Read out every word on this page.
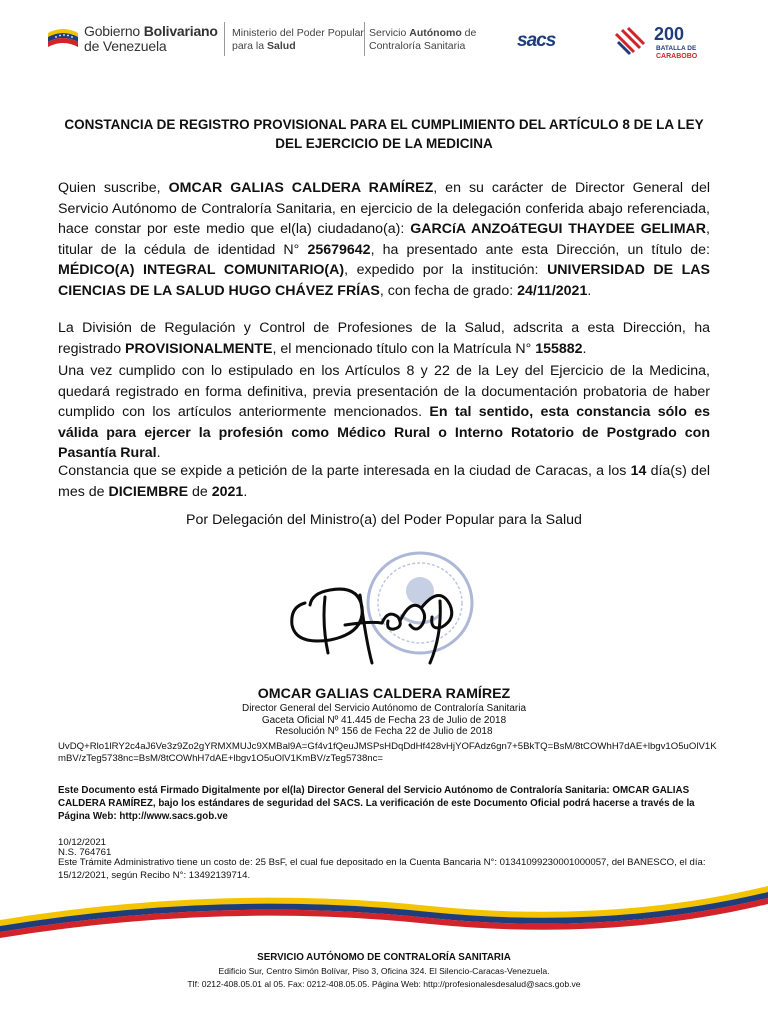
Gobierno Bolivariano
de Venezuela
Ministerio del Poder Popular
para la Salud
Servicio Autónomo de
Contraloría Sanitaria	sacs	200
BATALLA DE
CARABOBO
CONSTANCIA DE REGISTRO PROVISIONAL PARA EL CUMPLIMIENTO DEL ARTÍCULO 8 DE LA LEY DEL EJERCICIO DE LA MEDICINA
Quien suscribe, OMCAR GALIAS CALDERA RAMÍREZ, en su carácter de Director General del Servicio Autónomo de Contraloría Sanitaria, en ejercicio de la delegación conferida abajo referenciada, hace constar por este medio que el(la) ciudadano(a): GARCíA ANZOáTEGUI THAYDEE GELIMAR, titular de la cédula de identidad N° 25679642, ha presentado ante esta Dirección, un título de: MÉDICO(A) INTEGRAL COMUNITARIO(A), expedido por la institución: UNIVERSIDAD DE LAS CIENCIAS DE LA SALUD HUGO CHÁVEZ FRÍAS, con fecha de grado: 24/11/2021.
La División de Regulación y Control de Profesiones de la Salud, adscrita a esta Dirección, ha registrado PROVISIONALMENTE, el mencionado título con la Matrícula N° 155882.
Una vez cumplido con lo estipulado en los Artículos 8 y 22 de la Ley del Ejercicio de la Medicina, quedará registrado en forma definitiva, previa presentación de la documentación probatoria de haber cumplido con los artículos anteriormente mencionados. En tal sentido, esta constancia sólo es válida para ejercer la profesión como Médico Rural o Interno Rotatorio de Postgrado con Pasantía Rural.
Constancia que se expide a petición de la parte interesada en la ciudad de Caracas, a los 14 día(s) del mes de DICIEMBRE de 2021.
Por Delegación del Ministro(a) del Poder Popular para la Salud
OMCAR GALIAS CALDERA RAMÍREZ
Director General del Servicio Autónomo de Contraloría Sanitaria
Gaceta Oficial Nº 41.445 de Fecha 23 de Julio de 2018
Resolución Nº 156 de Fecha 22 de Julio de 2018
UvDQ+Rlo1lRY2c4aJ6Ve3z9Zo2gYRMXMUJc9XMBal9A=Gf4v1fQeuJMSPsHDqDdHf428vHjYOFAdz6gn7+5BkTQ=BsM/8tCOWhH7dAE+lbgv1O5uOlV1KmBV/zTeg5738nc=BsM/8tCOWhH7dAE+lbgv1O5uOlV1KmBV/zTeg5738nc=
Este Documento está Firmado Digitalmente por el(la) Director General del Servicio Autónomo de Contraloría Sanitaria: OMCAR GALIAS CALDERA RAMÍREZ, bajo los estándares de seguridad del SACS. La verificación de este Documento Oficial podrá hacerse a través de la Página Web: http://www.sacs.gob.ve
10/12/2021
N.S. 764761
Este Trámite Administrativo tiene un costo de: 25 BsF, el cual fue depositado en la Cuenta Bancaria N°: 01341099230001000057, del BANESCO, el día: 15/12/2021, según Recibo N°: 13492139714.
SERVICIO AUTÓNOMO DE CONTRALORÍA SANITARIA
Edificio Sur, Centro Simón Bolívar, Piso 3, Oficina 324. El Silencio-Caracas-Venezuela.
Tlf: 0212-408.05.01 al 05. Fax: 0212-408.05.05. Página Web: http://profesionalesdesalud@sacs.gob.ve
